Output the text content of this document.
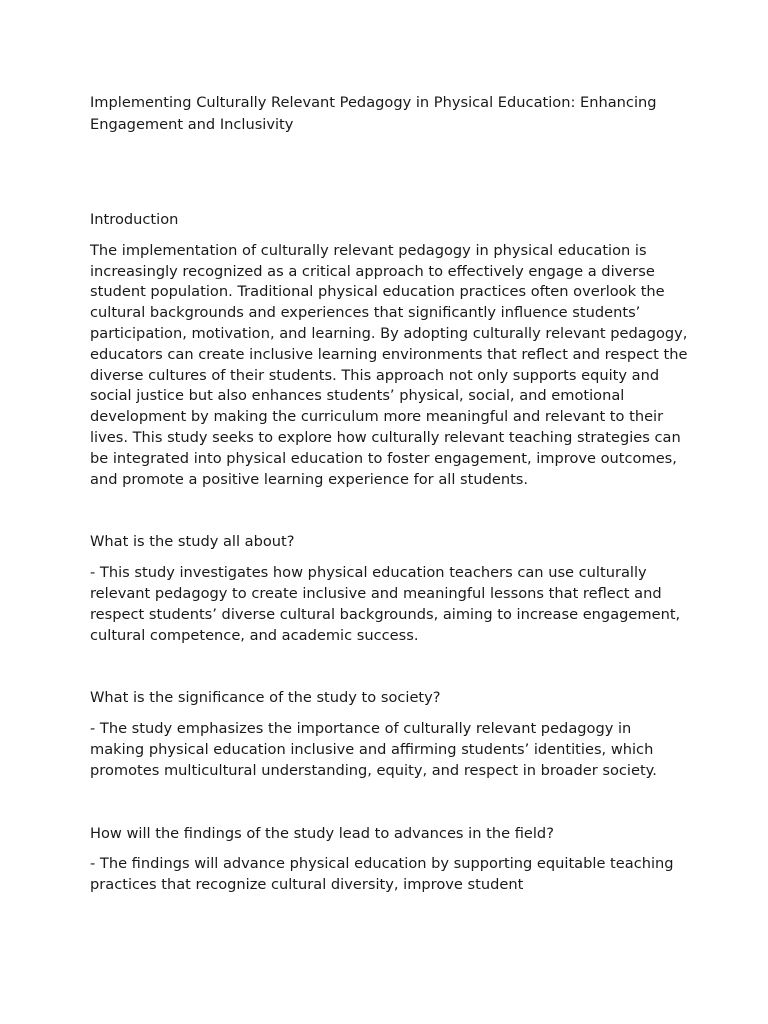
Implementing Culturally Relevant Pedagogy in Physical Education: Enhancing Engagement and Inclusivity
Introduction

The implementation of culturally relevant pedagogy in physical education is increasingly recognized as a critical approach to effectively engage a diverse student population. Traditional physical education practices often overlook the cultural backgrounds and experiences that significantly influence students’ participation, motivation, and learning. By adopting culturally relevant pedagogy, educators can create inclusive learning environments that reflect and respect the diverse cultures of their students. This approach not only supports equity and social justice but also enhances students’ physical, social, and emotional development by making the curriculum more meaningful and relevant to their lives. This study seeks to explore how culturally relevant teaching strategies can be integrated into physical education to foster engagement, improve outcomes, and promote a positive learning experience for all students.

What is the study all about?

- This study investigates how physical education teachers can use culturally relevant pedagogy to create inclusive and meaningful lessons that reflect and respect students’ diverse cultural backgrounds, aiming to increase engagement, cultural competence, and academic success.

What is the significance of the study to society?

- The study emphasizes the importance of culturally relevant pedagogy in making physical education inclusive and affirming students’ identities, which promotes multicultural understanding, equity, and respect in broader society.

How will the findings of the study lead to advances in the field?

- The findings will advance physical education by supporting equitable teaching practices that recognize cultural diversity, improve student
